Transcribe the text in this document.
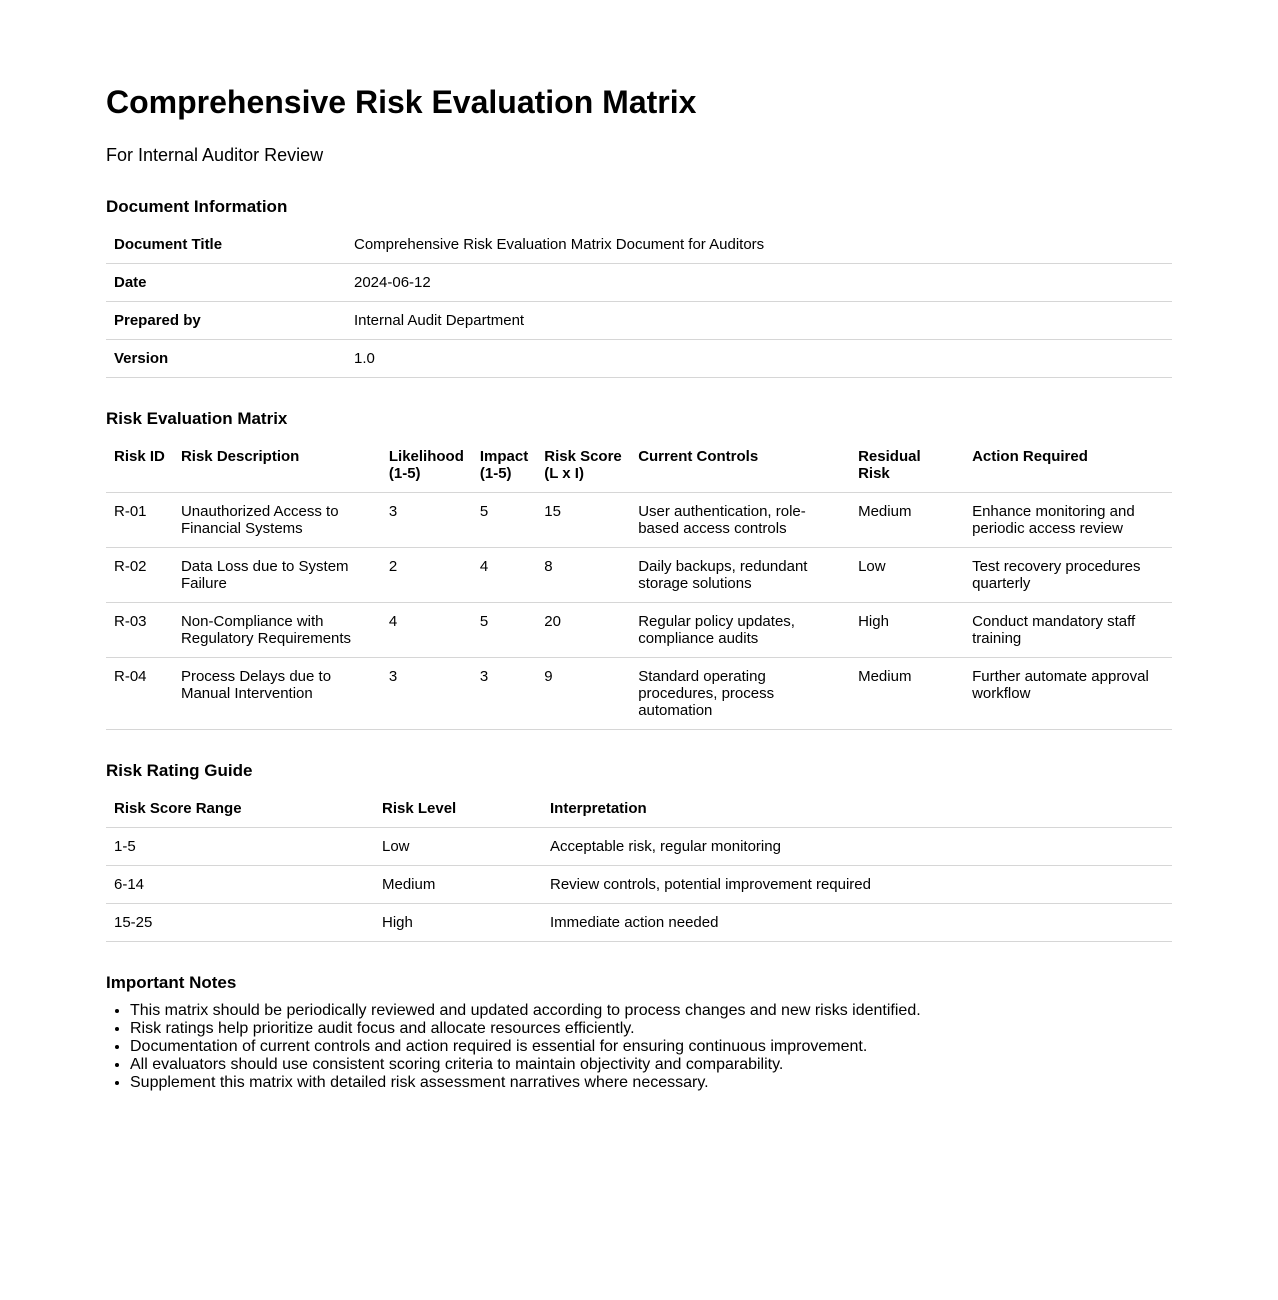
Comprehensive Risk Evaluation Matrix
For Internal Auditor Review
Document Information
Document Title	Comprehensive Risk Evaluation Matrix Document for Auditors
Date	2024-06-12
Prepared by	Internal Audit Department
Version	1.0
Risk Evaluation Matrix
Risk ID	Risk Description	Likelihood (1-5)	Impact (1-5)	Risk Score (L x I)	Current Controls	Residual Risk	Action Required
R-01	Unauthorized Access to Financial Systems	3	5	15	User authentication, role-based access controls	Medium	Enhance monitoring and periodic access review
R-02	Data Loss due to System Failure	2	4	8	Daily backups, redundant storage solutions	Low	Test recovery procedures quarterly
R-03	Non-Compliance with Regulatory Requirements	4	5	20	Regular policy updates, compliance audits	High	Conduct mandatory staff training
R-04	Process Delays due to Manual Intervention	3	3	9	Standard operating procedures, process automation	Medium	Further automate approval workflow
Risk Rating Guide
Risk Score Range	Risk Level	Interpretation
1-5	Low	Acceptable risk, regular monitoring
6-14	Medium	Review controls, potential improvement required
15-25	High	Immediate action needed
Important Notes
• This matrix should be periodically reviewed and updated according to process changes and new risks identified.
• Risk ratings help prioritize audit focus and allocate resources efficiently.
• Documentation of current controls and action required is essential for ensuring continuous improvement.
• All evaluators should use consistent scoring criteria to maintain objectivity and comparability.
• Supplement this matrix with detailed risk assessment narratives where necessary.
